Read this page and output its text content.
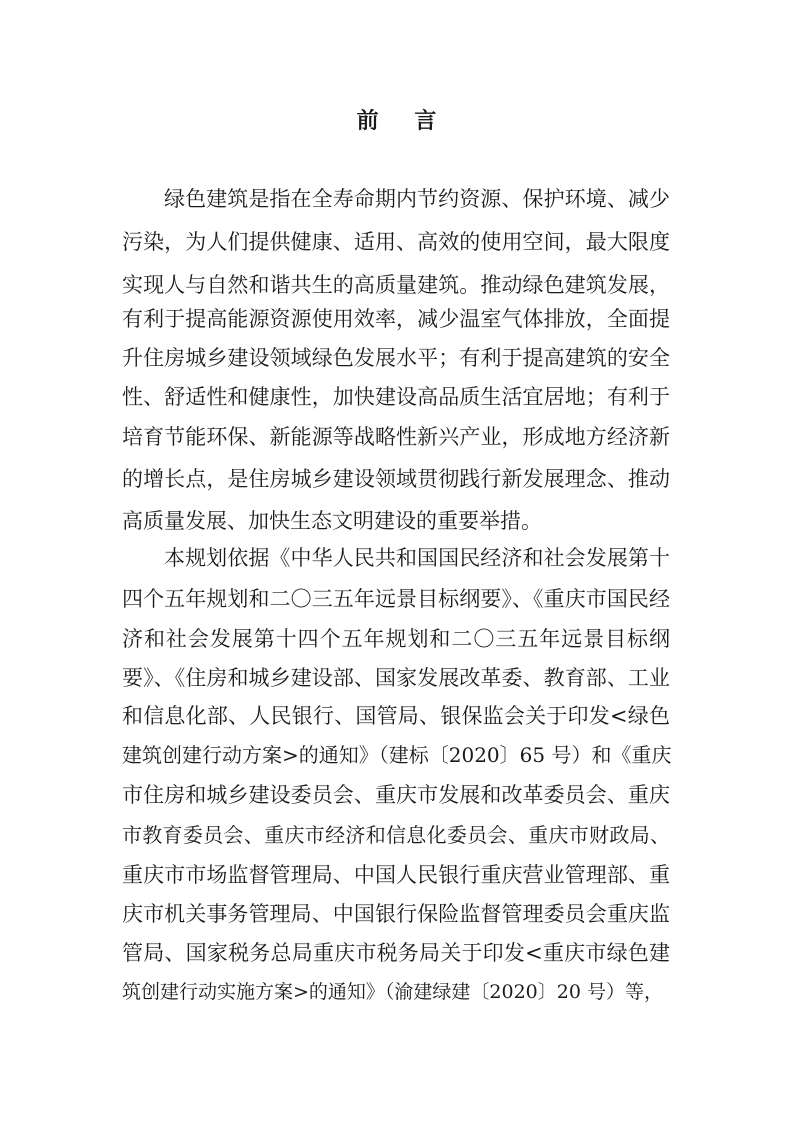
前 言
绿色建筑是指在全寿命期内节约资源、保护环境、减少
污染，为人们提供健康、适用、高效的使用空间，最大限度
实现人与自然和谐共生的高质量建筑。推动绿色建筑发展，
有利于提高能源资源使用效率，减少温室气体排放，全面提
升住房城乡建设领域绿色发展水平；有利于提高建筑的安全
性、舒适性和健康性，加快建设高品质生活宜居地；有利于
培育节能环保、新能源等战略性新兴产业，形成地方经济新
的增长点，是住房城乡建设领域贯彻践行新发展理念、推动
高质量发展、加快生态文明建设的重要举措。
本规划依据《中华人民共和国国民经济和社会发展第十
四个五年规划和二〇三五年远景目标纲要》、《重庆市国民经
济和社会发展第十四个五年规划和二〇三五年远景目标纲
要》、《住房和城乡建设部、国家发展改革委、教育部、工业
和信息化部、人民银行、国管局、银保监会关于印发<绿色
建筑创建行动方案>的通知》（建标〔2020〕65 号）和《重庆
市住房和城乡建设委员会、重庆市发展和改革委员会、重庆
市教育委员会、重庆市经济和信息化委员会、重庆市财政局、
重庆市市场监督管理局、中国人民银行重庆营业管理部、重
庆市机关事务管理局、中国银行保险监督管理委员会重庆监
管局、国家税务总局重庆市税务局关于印发<重庆市绿色建
筑创建行动实施方案>的通知》（渝建绿建〔2020〕20 号）等，
